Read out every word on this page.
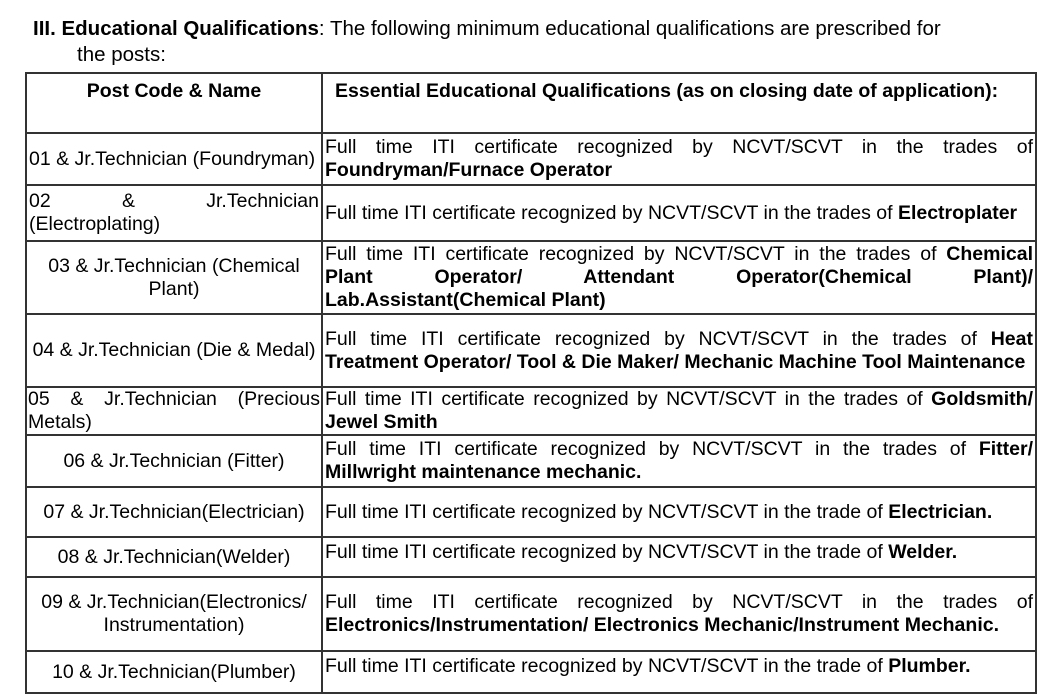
III. Educational Qualifications: The following minimum educational qualifications are prescribed for
the posts:
Post Code & Name	Essential Educational Qualifications (as on closing date of application):
01 & Jr.Technician (Foundryman)	Full time ITI certificate recognized by NCVT/SCVT in the trades of Foundryman/Furnace Operator
02 & Jr.Technician (Electroplating)	Full time ITI certificate recognized by NCVT/SCVT in the trades of Electroplater
03 & Jr.Technician (Chemical Plant)	Full time ITI certificate recognized by NCVT/SCVT in the trades of Chemical Plant Operator/ Attendant Operator(Chemical Plant)/ Lab.Assistant(Chemical Plant)
04 & Jr.Technician (Die & Medal)	Full time ITI certificate recognized by NCVT/SCVT in the trades of Heat Treatment Operator/ Tool & Die Maker/ Mechanic Machine Tool Maintenance
05 & Jr.Technician (Precious Metals)	Full time ITI certificate recognized by NCVT/SCVT in the trades of Goldsmith/ Jewel Smith
06 & Jr.Technician (Fitter)	Full time ITI certificate recognized by NCVT/SCVT in the trades of Fitter/ Millwright maintenance mechanic.
07 & Jr.Technician(Electrician)	Full time ITI certificate recognized by NCVT/SCVT in the trade of Electrician.
08 & Jr.Technician(Welder)	Full time ITI certificate recognized by NCVT/SCVT in the trade of Welder.
09 & Jr.Technician(Electronics/ Instrumentation)	Full time ITI certificate recognized by NCVT/SCVT in the trades of Electronics/Instrumentation/ Electronics Mechanic/Instrument Mechanic.
10 & Jr.Technician(Plumber)	Full time ITI certificate recognized by NCVT/SCVT in the trade of Plumber.
